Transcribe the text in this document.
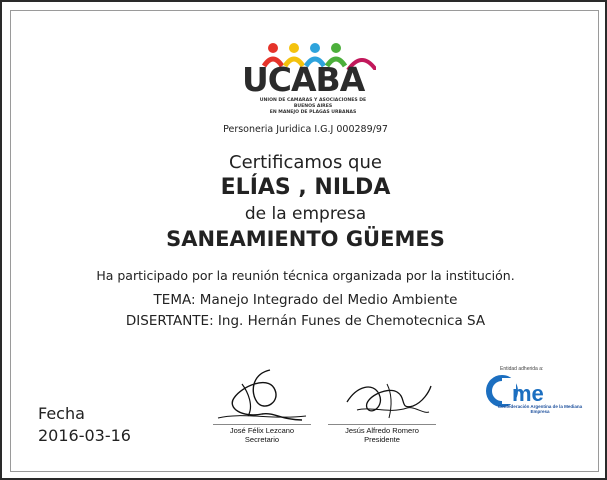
UCABA
UNION DE CAMARAS Y ASOCIACIONES DE BUENOS AIRES
EN MANEJO DE PLAGAS URBANAS
Personeria Juridica I.G.J 000289/97
Certificamos que
ELÍAS , NILDA
de la empresa
SANEAMIENTO GÜEMES
Ha participado por la reunión técnica organizada por la institución.
TEMA: Manejo Integrado del Medio Ambiente
DISERTANTE: Ing. Hernán Funes de Chemotecnica SA
Fecha
2016-03-16	José Félix Lezcano
Secretario
Jesús Alfredo Romero
Presidente
Entidad adherida a:
me
Confederación Argentina de la Mediana Empresa
